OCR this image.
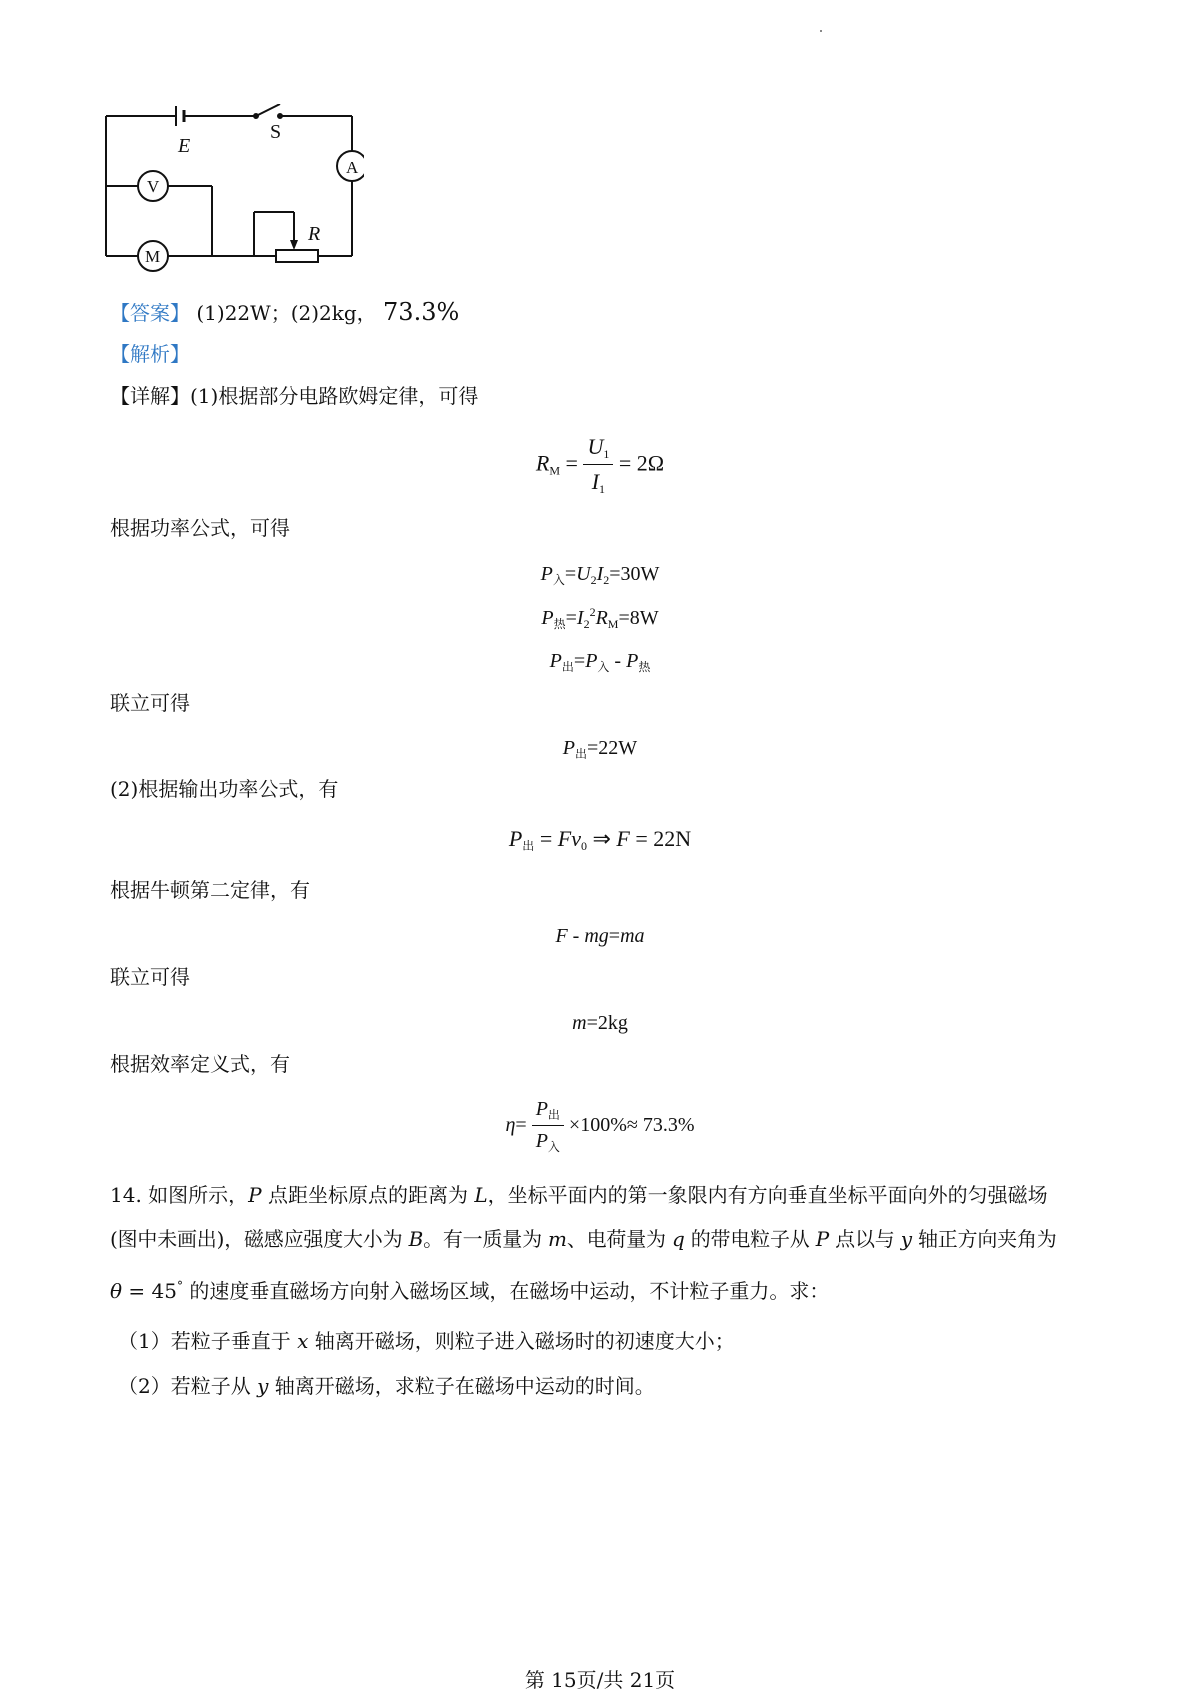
E
S
A
V
M
R
【答案】 (1)22W；(2)2kg， 73.3%
【解析】
【详解】(1)根据部分电路欧姆定律，可得
$R_M = \frac{U_1}{I_1} = 2\Omega$
根据功率公式，可得
$P_入=U_2I_2=30W$
$P_热=I_2^2R_M=8W$
$P_出=P_入 - P_热$
联立可得
$P_出=22W$
(2)根据输出功率公式，有
$P_出 = Fv_0$ ⇒ F = 22N
根据牛顿第二定律，有
F - mg=ma
联立可得
m=2kg
根据效率定义式，有
$\eta= \frac{P_出}{P_入} \times 100\%\approx 73.3\%$
14. 如图所示，P 点距坐标原点的距离为 L，坐标平面内的第一象限内有方向垂直坐标平面向外的匀强磁场
(图中未画出)，磁感应强度大小为 B。有一质量为 m、电荷量为 q 的带电粒子从 P 点以与 y 轴正方向夹角为
θ = 45° 的速度垂直磁场方向射入磁场区域，在磁场中运动，不计粒子重力。求：
（1）若粒子垂直于 x 轴离开磁场，则粒子进入磁场时的初速度大小；
（2）若粒子从 y 轴离开磁场，求粒子在磁场中运动的时间。
第 15页/共 21页
